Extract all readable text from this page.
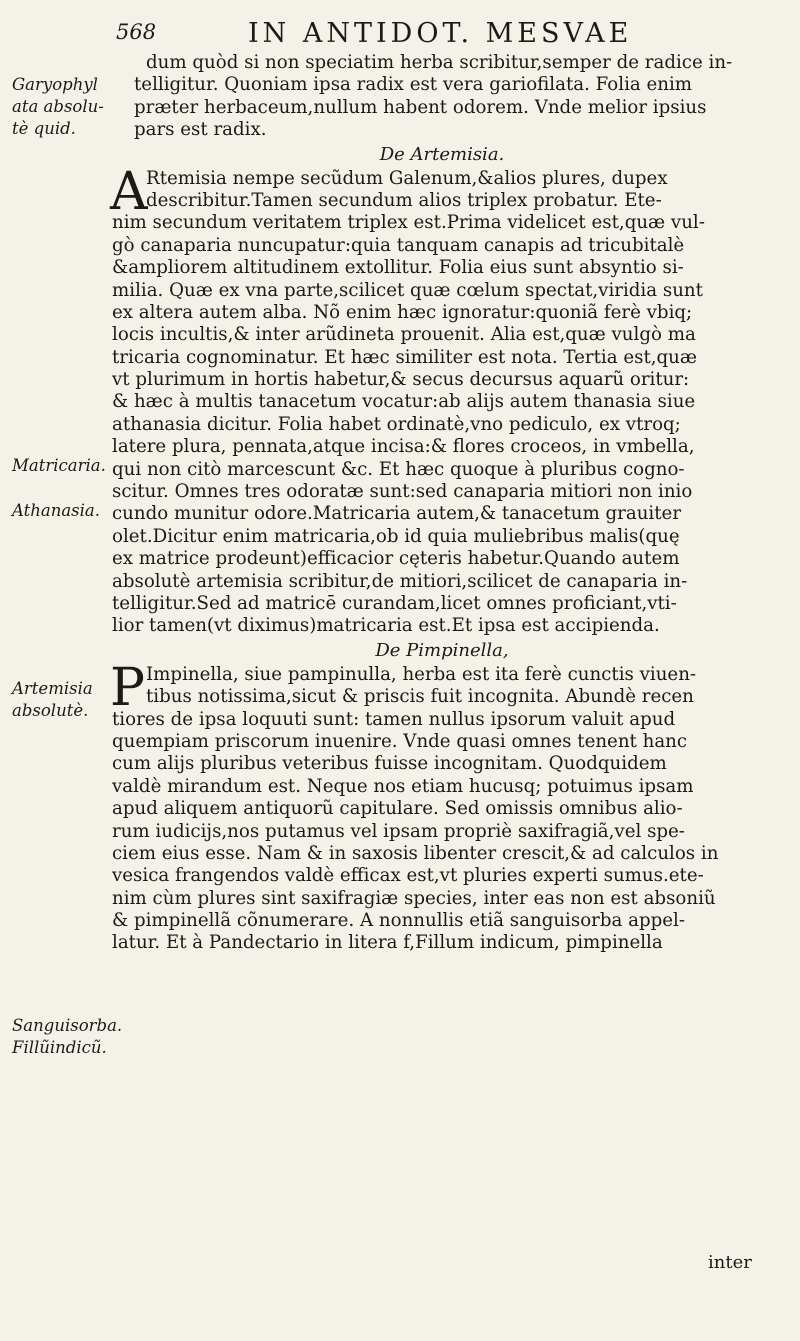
568	IN ANTIDOT. MESVAE
Garyophyl
ata absolu-
tè quid.
Matricaria.
Athanasia.
Artemisia
absolutè.
Sanguisorba.
Fillũindicũ.
dum quòd si non speciatim herba scribitur,semper de radice in-
telligitur. Quoniam ipsa radix est vera gariofilata. Folia enim
præter herbaceum,nullum habent odorem. Vnde melior ipsius
pars est radix.
De Artemisia.
A
Rtemisia nempe secũdum Galenum,&alios plures, dupex
describitur.Tamen secundum alios triplex probatur. Ete-
nim secundum veritatem triplex est.Prima videlicet est,quæ vul-
gò canaparia nuncupatur:quia tanquam canapis ad tricubitalè
&ampliorem altitudinem extollitur. Folia eius sunt absyntio si-
milia. Quæ ex vna parte,scilicet quæ cœlum spectat,viridia sunt
ex altera autem alba. Nõ enim hæc ignoratur:quoniã ferè vbiq;
locis incultis,& inter arũdineta prouenit. Alia est,quæ vulgò ma
tricaria cognominatur. Et hæc similiter est nota. Tertia est,quæ
vt plurimum in hortis habetur,& secus decursus aquarũ oritur:
& hæc à multis tanacetum vocatur:ab alijs autem thanasia siue
athanasia dicitur. Folia habet ordinatè,vno pediculo, ex vtroq;
latere plura, pennata,atque incisa:& flores croceos, in vmbella,
qui non citò marcescunt &c. Et hæc quoque à pluribus cogno-
scitur. Omnes tres odoratæ sunt:sed canaparia mitiori non inio
cundo munitur odore.Matricaria autem,& tanacetum grauiter
olet.Dicitur enim matricaria,ob id quia muliebribus malis(quę
ex matrice prodeunt)efficacior cęteris habetur.Quando autem
absolutè artemisia scribitur,de mitiori,scilicet de canaparia in-
telligitur.Sed ad matricē curandam,licet omnes proficiant,vti-
lior tamen(vt diximus)matricaria est.Et ipsa est accipienda.
De Pimpinella,
P Impinella, siue pampinulla, herba est ita ferè cunctis viuen-
tibus notissima,sicut & priscis fuit incognita. Abundè recen
tiores de ipsa loquuti sunt: tamen nullus ipsorum valuit apud
quempiam priscorum inuenire. Vnde quasi omnes tenent hanc
cum alijs pluribus veteribus fuisse incognitam. Quodquidem
valdè mirandum est. Neque nos etiam hucusq; potuimus ipsam
apud aliquem antiquorũ capitulare. Sed omissis omnibus alio-
rum iudicijs,nos putamus vel ipsam propriè saxifragiã,vel spe-
ciem eius esse. Nam & in saxosis libenter crescit,& ad calculos in
vesica frangendos valdè efficax est,vt pluries experti sumus.ete-
nim cùm plures sint saxifragiæ species, inter eas non est absoniũ
& pimpinellã cõnumerare. A nonnullis etiã sanguisorba appel-
latur. Et à Pandectario in litera f,Fillum indicum, pimpinella
inter
